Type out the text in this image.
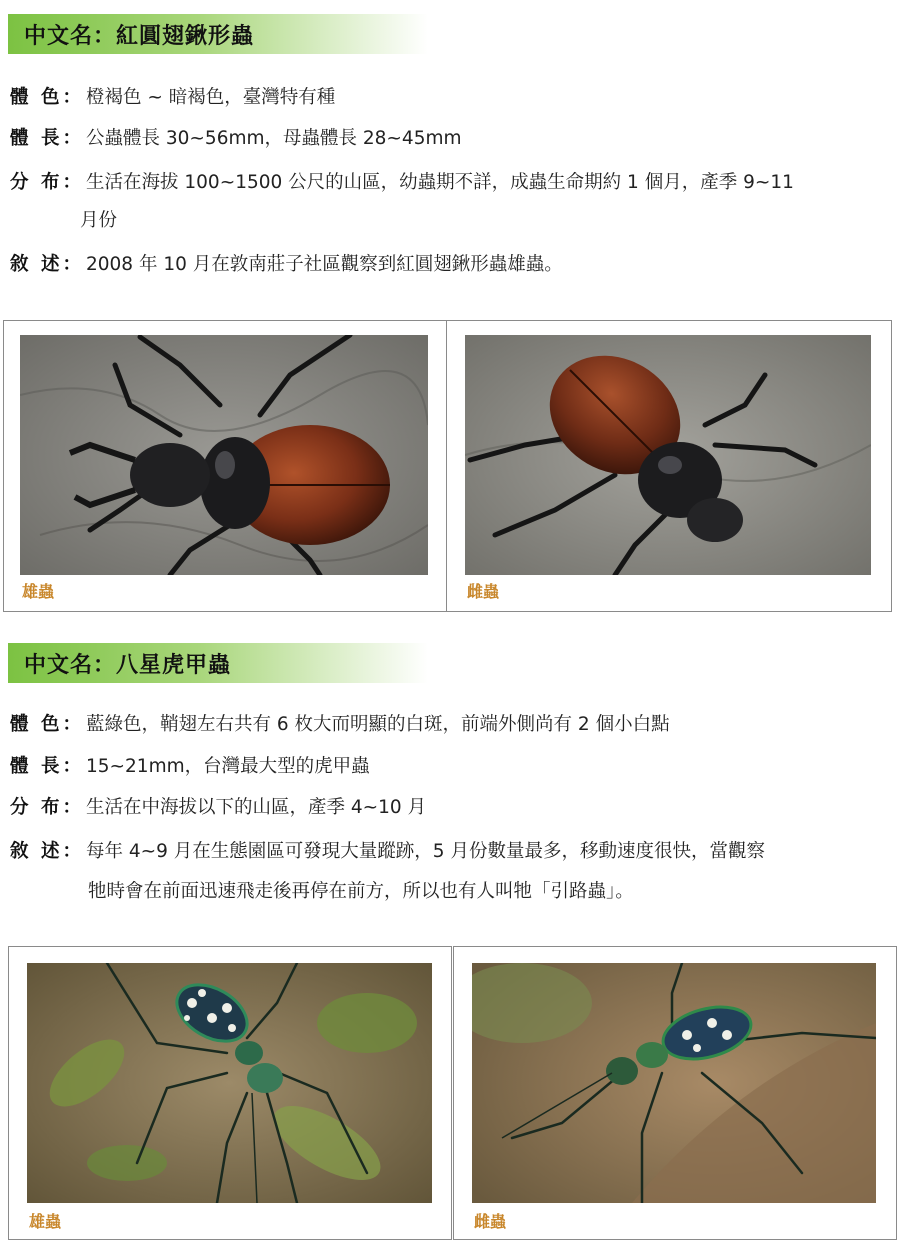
中文名：紅圓翅鍬形蟲
體 色： 橙褐色 ~ 暗褐色，臺灣特有種
體 長： 公蟲體長 30~56mm，母蟲體長 28~45mm
分 布： 生活在海拔 100~1500 公尺的山區，幼蟲期不詳，成蟲生命期約 1 個月，產季 9~11
月份
敘 述： 2008 年 10 月在敦南莊子社區觀察到紅圓翅鍬形蟲雄蟲。
雄蟲	雌蟲
中文名：八星虎甲蟲
體 色： 藍綠色，鞘翅左右共有 6 枚大而明顯的白斑，前端外側尚有 2 個小白點
體 長： 15~21mm，台灣最大型的虎甲蟲
分 布： 生活在中海拔以下的山區，產季 4~10 月
敘 述： 每年 4~9 月在生態園區可發現大量蹤跡，5 月份數量最多，移動速度很快，當觀察
牠時會在前面迅速飛走後再停在前方，所以也有人叫牠「引路蟲」。
雄蟲	雌蟲
